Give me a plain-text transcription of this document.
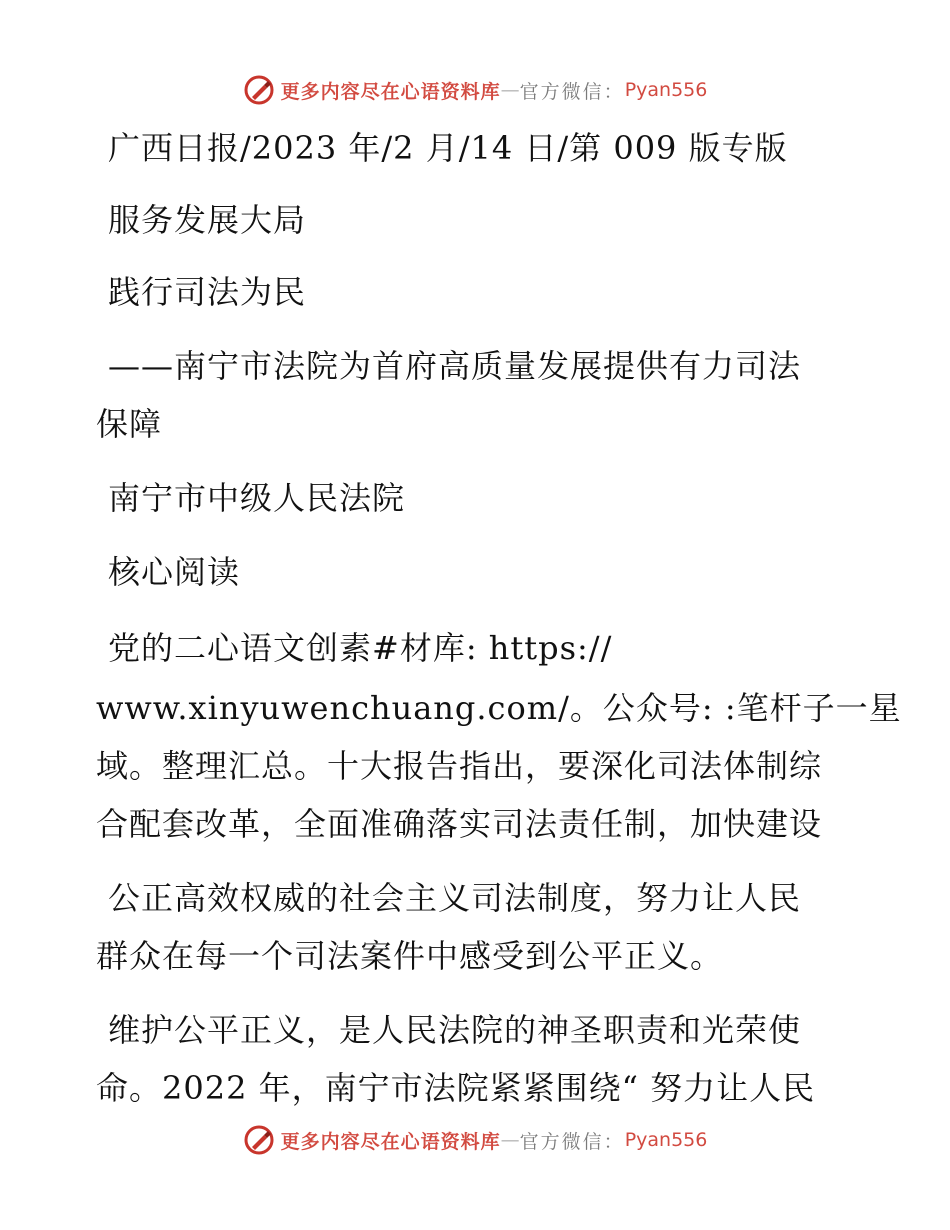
更多内容尽在心语资料库 — 官方微信： Pyan556
广西日报/2023 年/2 月/14 日/第 009 版专版
服务发展大局
践行司法为民
——南宁市法院为首府高质量发展提供有力司法
保障
南宁市中级人民法院
核心阅读
党的二心语文创素#材库: https://
www.xinyuwenchuang.com/。公众号: :笔杆子一星
域。整理汇总。十大报告指出，要深化司法体制综
合配套改革，全面准确落实司法责任制，加快建设
公正高效权威的社会主义司法制度，努力让人民
群众在每一个司法案件中感受到公平正义。
维护公平正义，是人民法院的神圣职责和光荣使
命。2022 年，南宁市法院紧紧围绕“ 努力让人民
更多内容尽在心语资料库 — 官方微信： Pyan556
